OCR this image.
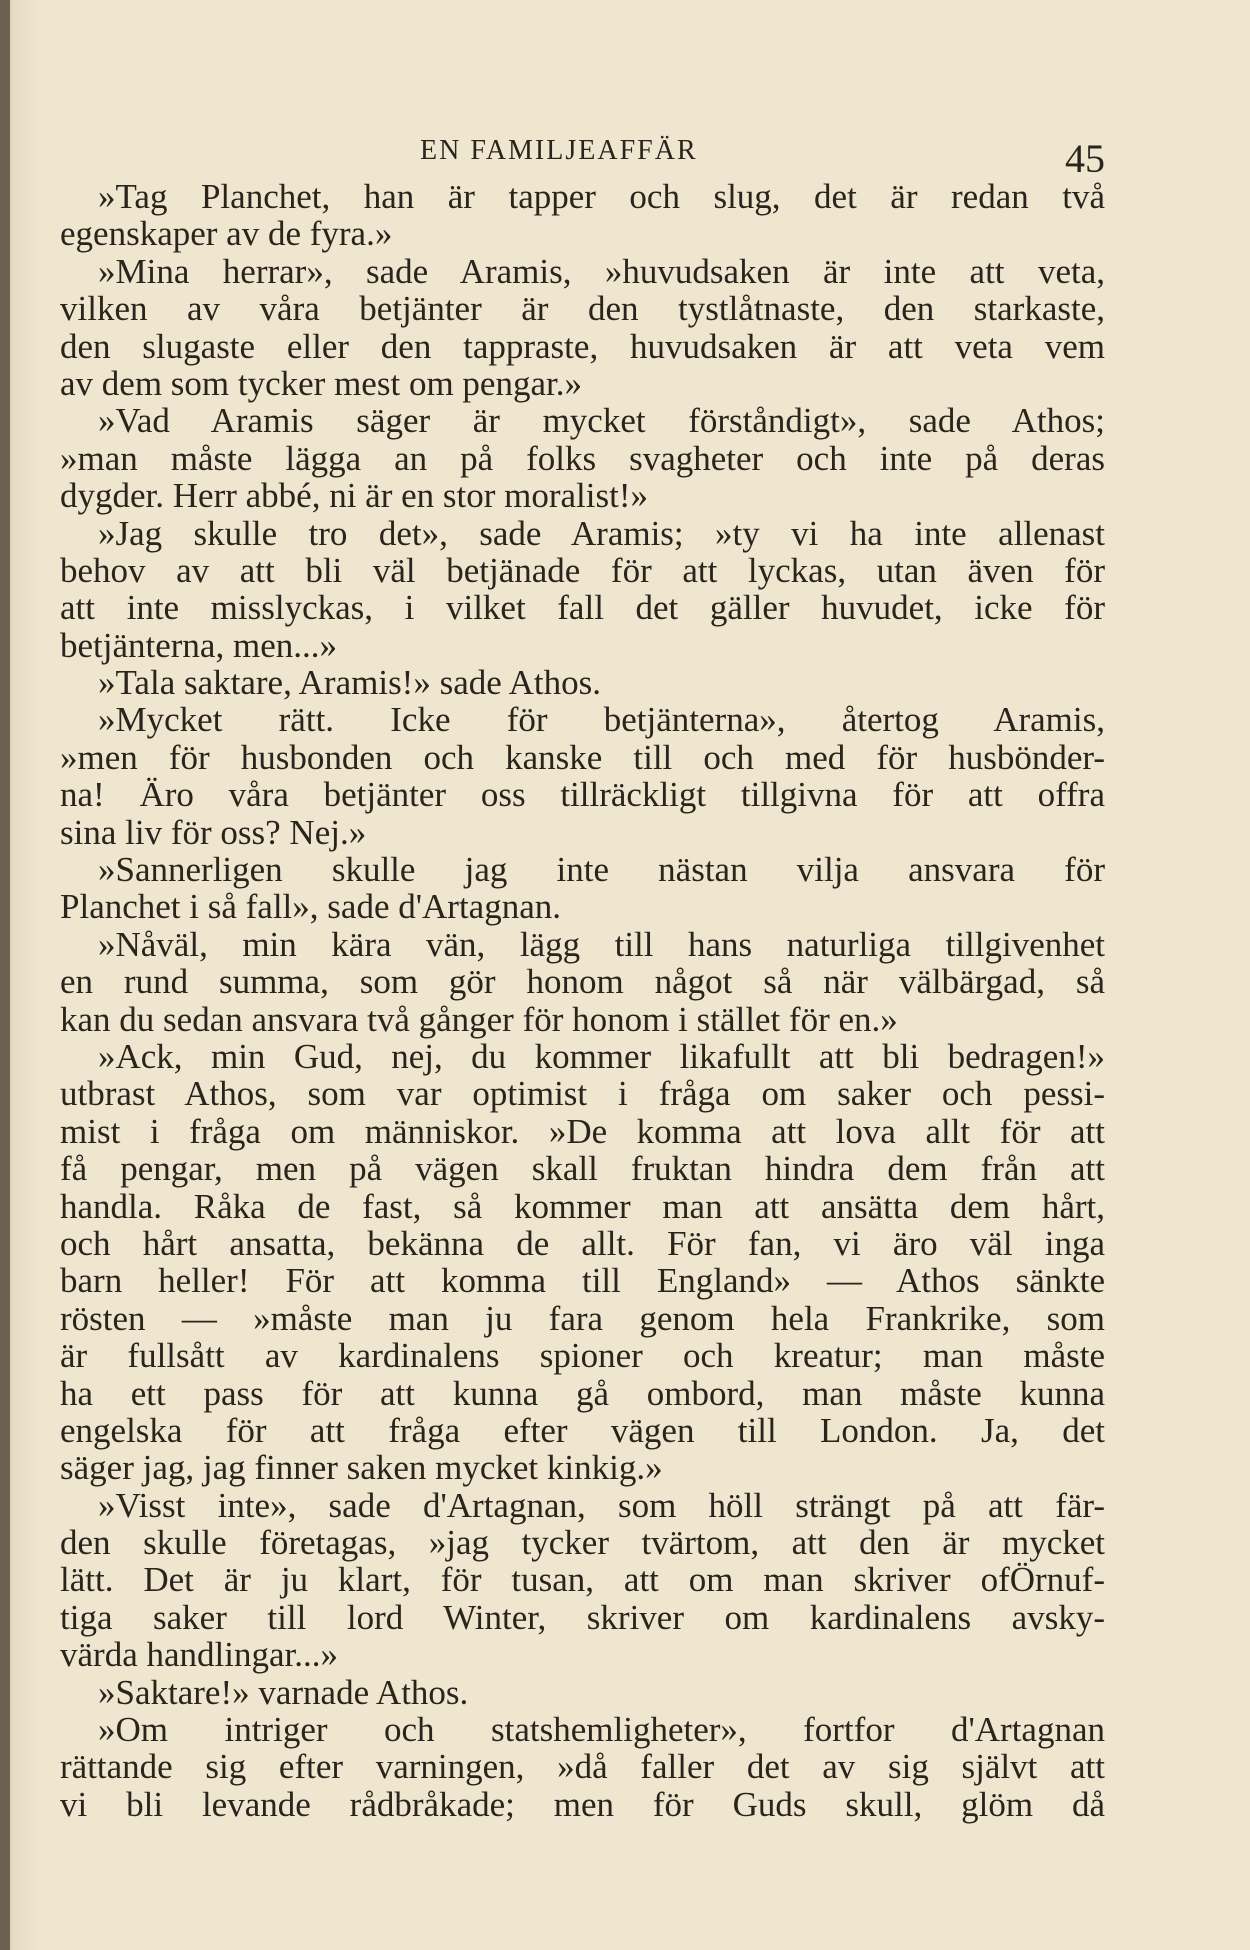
EN FAMILJEAFFÄR	45
»Tag Planchet, han är tapper och slug, det är redan två
egenskaper av de fyra.»
»Mina herrar», sade Aramis, »huvudsaken är inte att veta,
vilken av våra betjänter är den tystlåtnaste, den starkaste,
den slugaste eller den tappraste, huvudsaken är att veta vem
av dem som tycker mest om pengar.»
»Vad Aramis säger är mycket förståndigt», sade Athos;
»man måste lägga an på folks svagheter och inte på deras
dygder. Herr abbé, ni är en stor moralist!»
»Jag skulle tro det», sade Aramis; »ty vi ha inte allenast
behov av att bli väl betjänade för att lyckas, utan även för
att inte misslyckas, i vilket fall det gäller huvudet, icke för
betjänterna, men...»
»Tala saktare, Aramis!» sade Athos.
»Mycket rätt. Icke för betjänterna», återtog Aramis,
»men för husbonden och kanske till och med för husbönder-
na! Äro våra betjänter oss tillräckligt tillgivna för att offra
sina liv för oss? Nej.»
»Sannerligen skulle jag inte nästan vilja ansvara för
Planchet i så fall», sade d'Artagnan.
»Nåväl, min kära vän, lägg till hans naturliga tillgivenhet
en rund summa, som gör honom något så när välbärgad, så
kan du sedan ansvara två gånger för honom i stället för en.»
»Ack, min Gud, nej, du kommer likafullt att bli bedragen!»
utbrast Athos, som var optimist i fråga om saker och pessi-
mist i fråga om människor. »De komma att lova allt för att
få pengar, men på vägen skall fruktan hindra dem från att
handla. Råka de fast, så kommer man att ansätta dem hårt,
och hårt ansatta, bekänna de allt. För fan, vi äro väl inga
barn heller! För att komma till England» — Athos sänkte
rösten — »måste man ju fara genom hela Frankrike, som
är fullsått av kardinalens spioner och kreatur; man måste
ha ett pass för att kunna gå ombord, man måste kunna
engelska för att fråga efter vägen till London. Ja, det
säger jag, jag finner saken mycket kinkig.»
»Visst inte», sade d'Artagnan, som höll strängt på att fär-
den skulle företagas, »jag tycker tvärtom, att den är mycket
lätt. Det är ju klart, för tusan, att om man skriver ofÖrnuf-
tiga saker till lord Winter, skriver om kardinalens avsky-
värda handlingar...»
»Saktare!» varnade Athos.
»Om intriger och statshemligheter», fortfor d'Artagnan
rättande sig efter varningen, »då faller det av sig självt att
vi bli levande rådbråkade; men för Guds skull, glöm då
